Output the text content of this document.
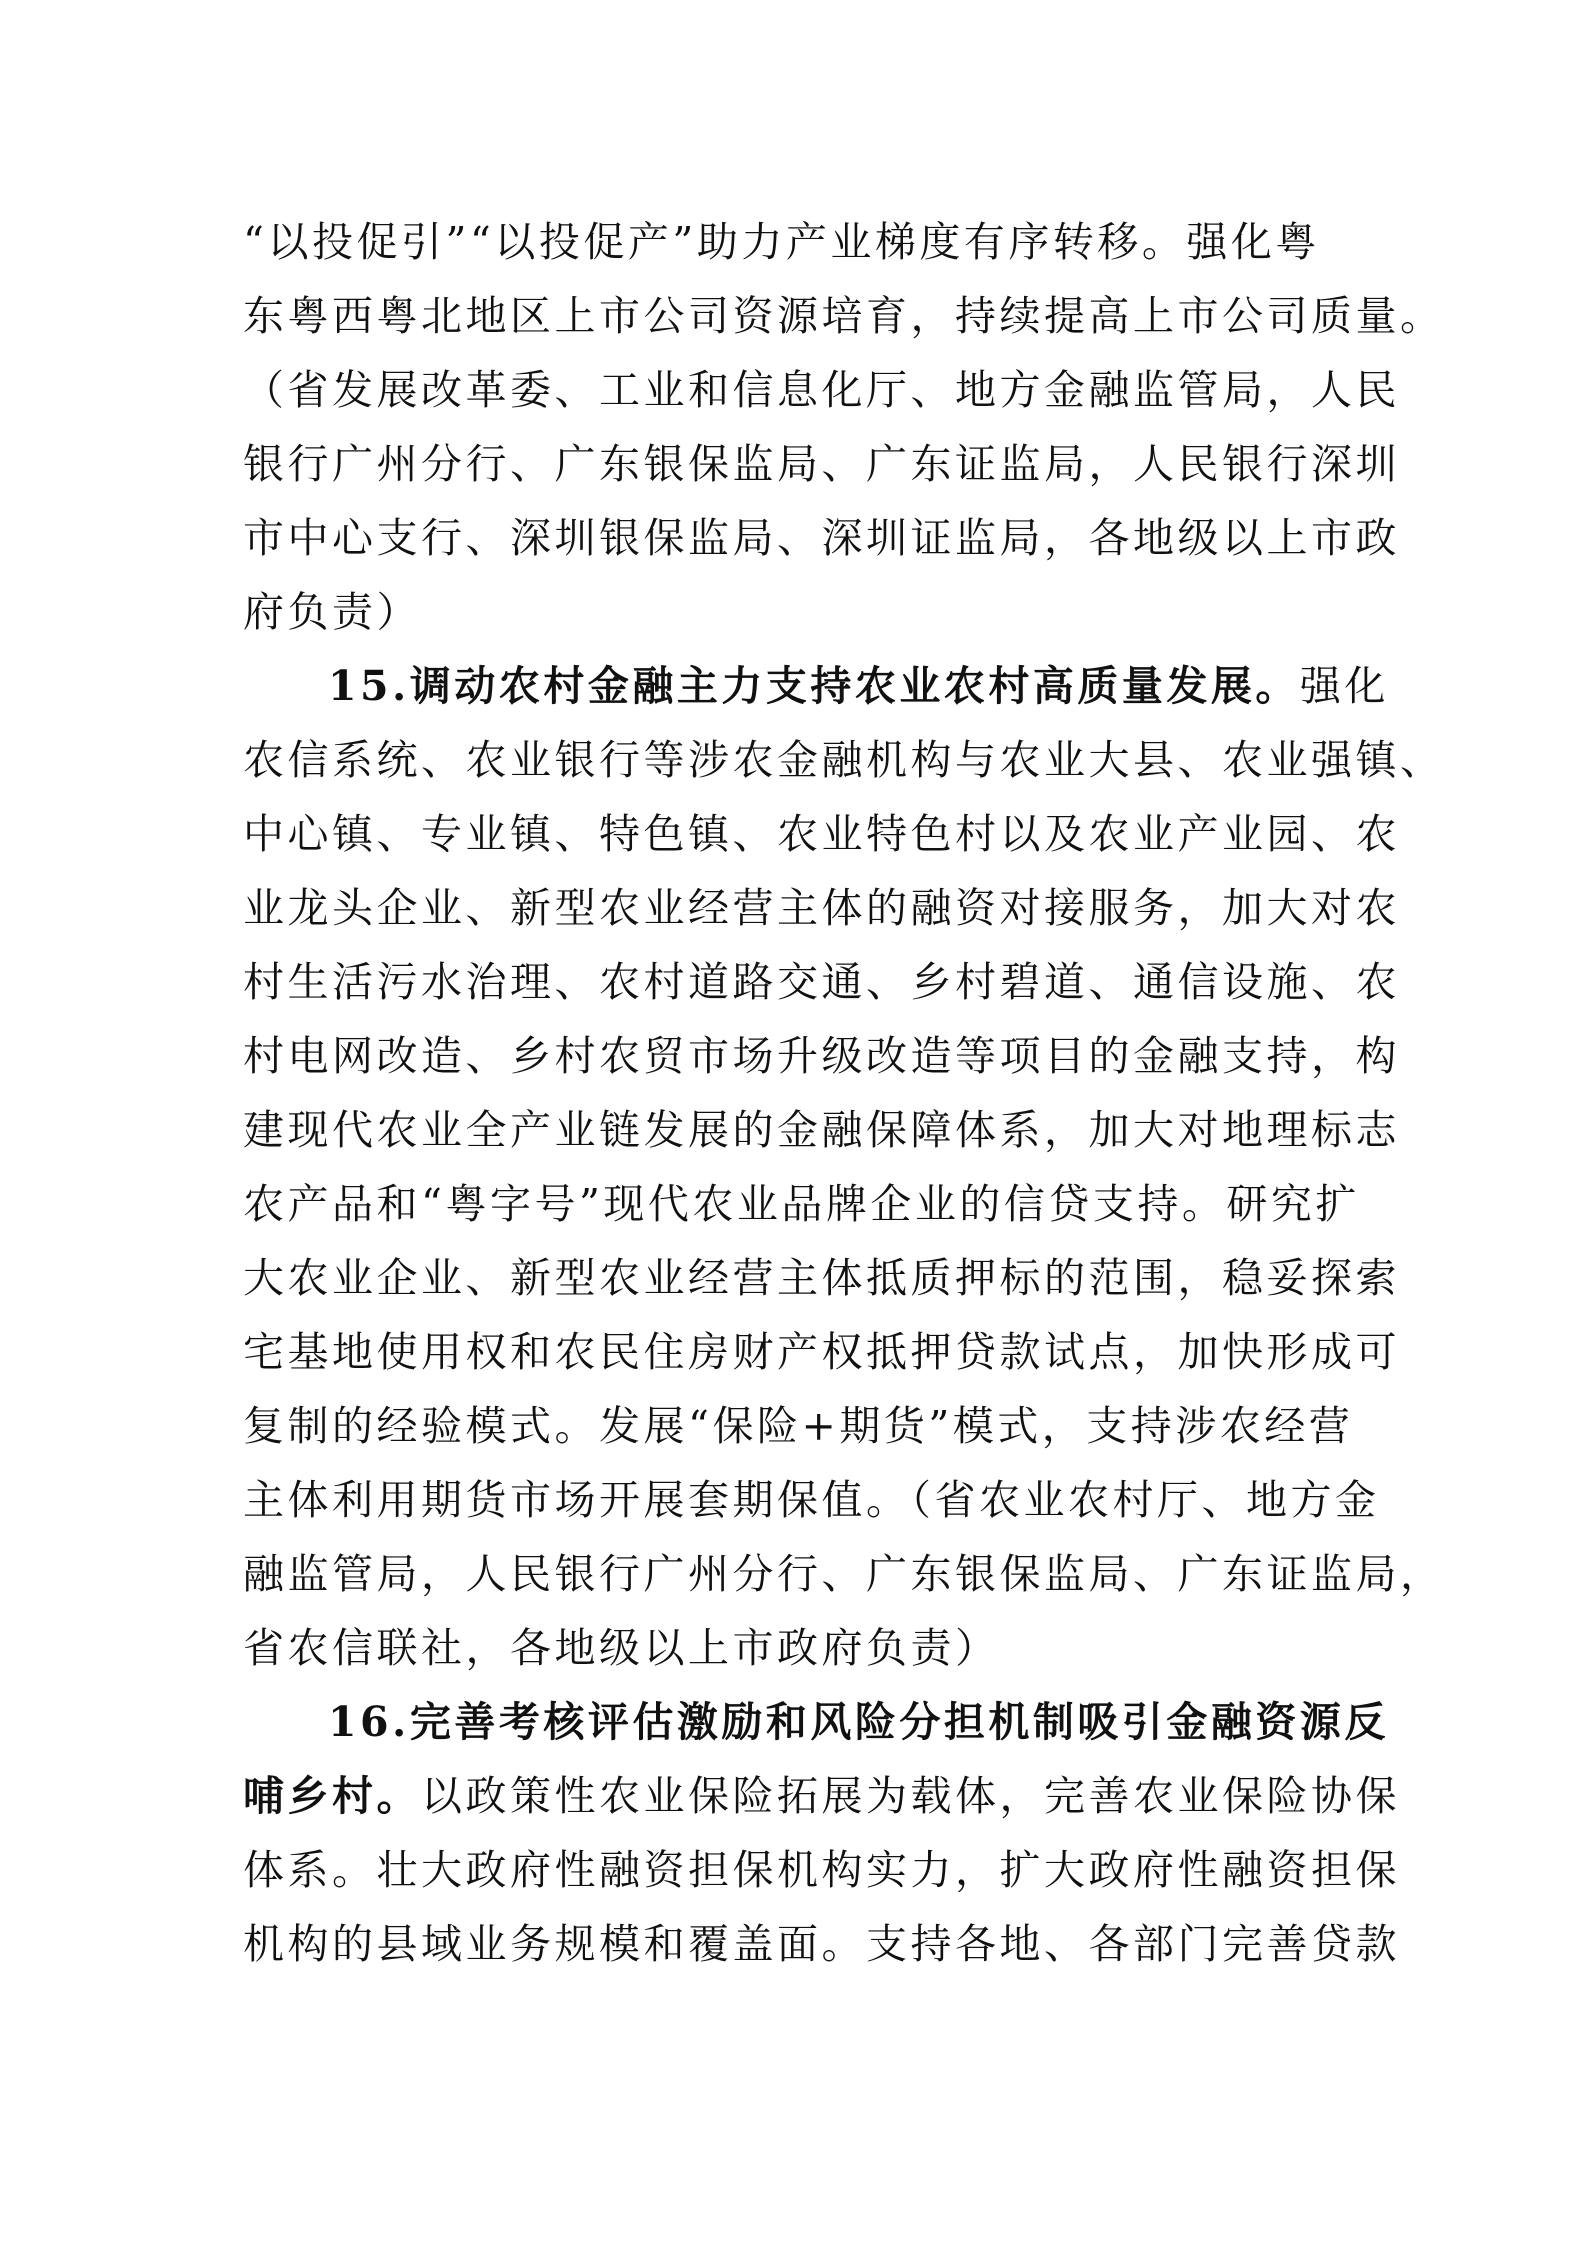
“以投促引”“以投促产”助力产业梯度有序转移。强化粤
东粤西粤北地区上市公司资源培育，持续提高上市公司质量。
（省发展改革委、工业和信息化厅、地方金融监管局，人民
银行广州分行、广东银保监局、广东证监局，人民银行深圳
市中心支行、深圳银保监局、深圳证监局，各地级以上市政
府负责）
15.调动农村金融主力支持农业农村高质量发展。强化
农信系统、农业银行等涉农金融机构与农业大县、农业强镇、
中心镇、专业镇、特色镇、农业特色村以及农业产业园、农
业龙头企业、新型农业经营主体的融资对接服务，加大对农
村生活污水治理、农村道路交通、乡村碧道、通信设施、农
村电网改造、乡村农贸市场升级改造等项目的金融支持，构
建现代农业全产业链发展的金融保障体系，加大对地理标志
农产品和“粤字号”现代农业品牌企业的信贷支持。研究扩
大农业企业、新型农业经营主体抵质押标的范围，稳妥探索
宅基地使用权和农民住房财产权抵押贷款试点，加快形成可
复制的经验模式。发展“保险+期货”模式，支持涉农经营
主体利用期货市场开展套期保值。（省农业农村厅、地方金
融监管局，人民银行广州分行、广东银保监局、广东证监局，
省农信联社，各地级以上市政府负责）
16.完善考核评估激励和风险分担机制吸引金融资源反
哺乡村。以政策性农业保险拓展为载体，完善农业保险协保
体系。壮大政府性融资担保机构实力，扩大政府性融资担保
机构的县域业务规模和覆盖面。支持各地、各部门完善贷款
